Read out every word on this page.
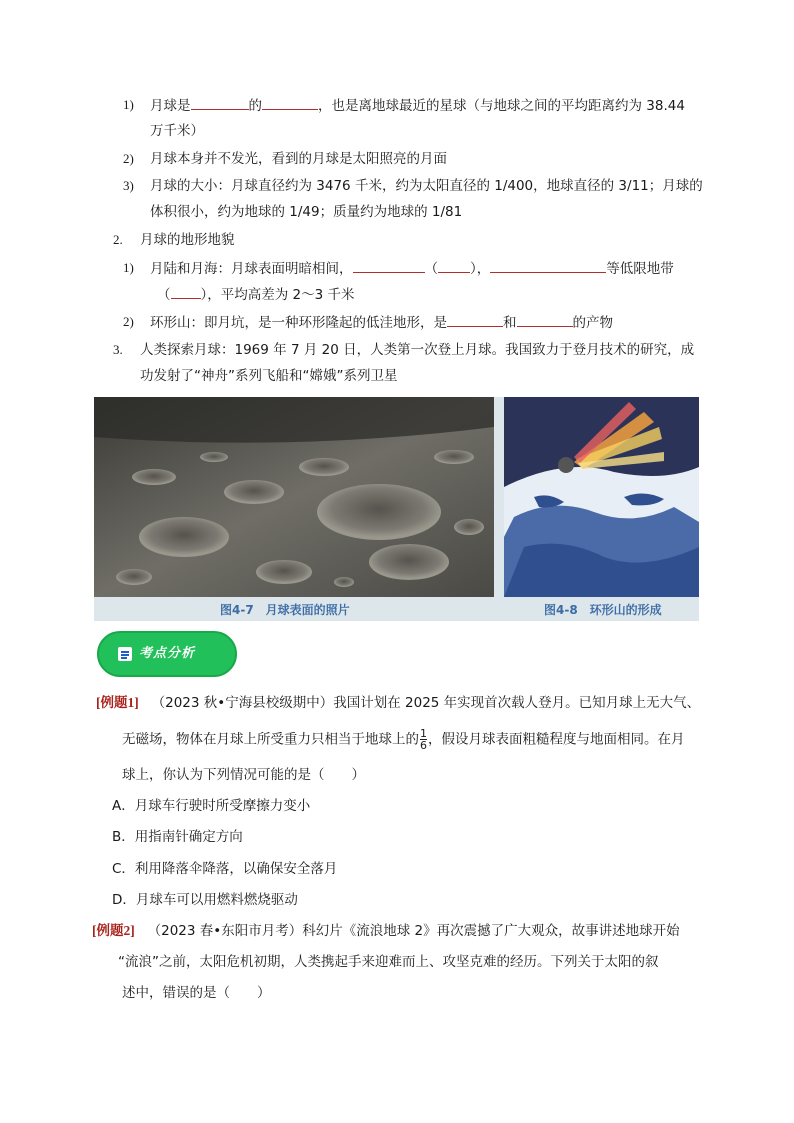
1) 月球是	的	，也是离地球最近的星球（与地球之间的平均距离约为 38.44
万千米）
2) 月球本身并不发光，看到的月球是太阳照亮的月面
3) 月球的大小：月球直径约为 3476 千米，约为太阳直径的 1/400，地球直径的 3/11；月球的
体积很小，约为地球的 1/49；质量约为地球的 1/81
2. 月球的地形地貌
1) 月陆和月海：月球表面明暗相间，	（ ），	等低限地带
（ ），平均高差为 2～3 千米
2) 环形山：即月坑，是一种环形隆起的低洼地形，是	和	的产物
3. 人类探索月球：1969 年 7 月 20 日，人类第一次登上月球。我国致力于登月技术的研究，成
功发射了“神舟”系列飞船和“嫦娥”系列卫星
图4-7　月球表面的照片	图4-8　环形山的形成
考点分析
[例题1] （2023 秋•宁海县校级期中）我国计划在 2025 年实现首次载人登月。已知月球上无大气、
无磁场，物体在月球上所受重力只相当于地球上的 $\frac{1}{6}$ ，假设月球表面粗糙程度与地面相同。在月
球上，你认为下列情况可能的是（　　）
A．月球车行驶时所受摩擦力变小
B．用指南针确定方向
C．利用降落伞降落，以确保安全落月
D．月球车可以用燃料燃烧驱动
[例题2] （2023 春•东阳市月考）科幻片《流浪地球 2》再次震撼了广大观众，故事讲述地球开始
“流浪”之前，太阳危机初期，人类携起手来迎难而上、攻坚克难的经历。下列关于太阳的叙
述中，错误的是（　　）
